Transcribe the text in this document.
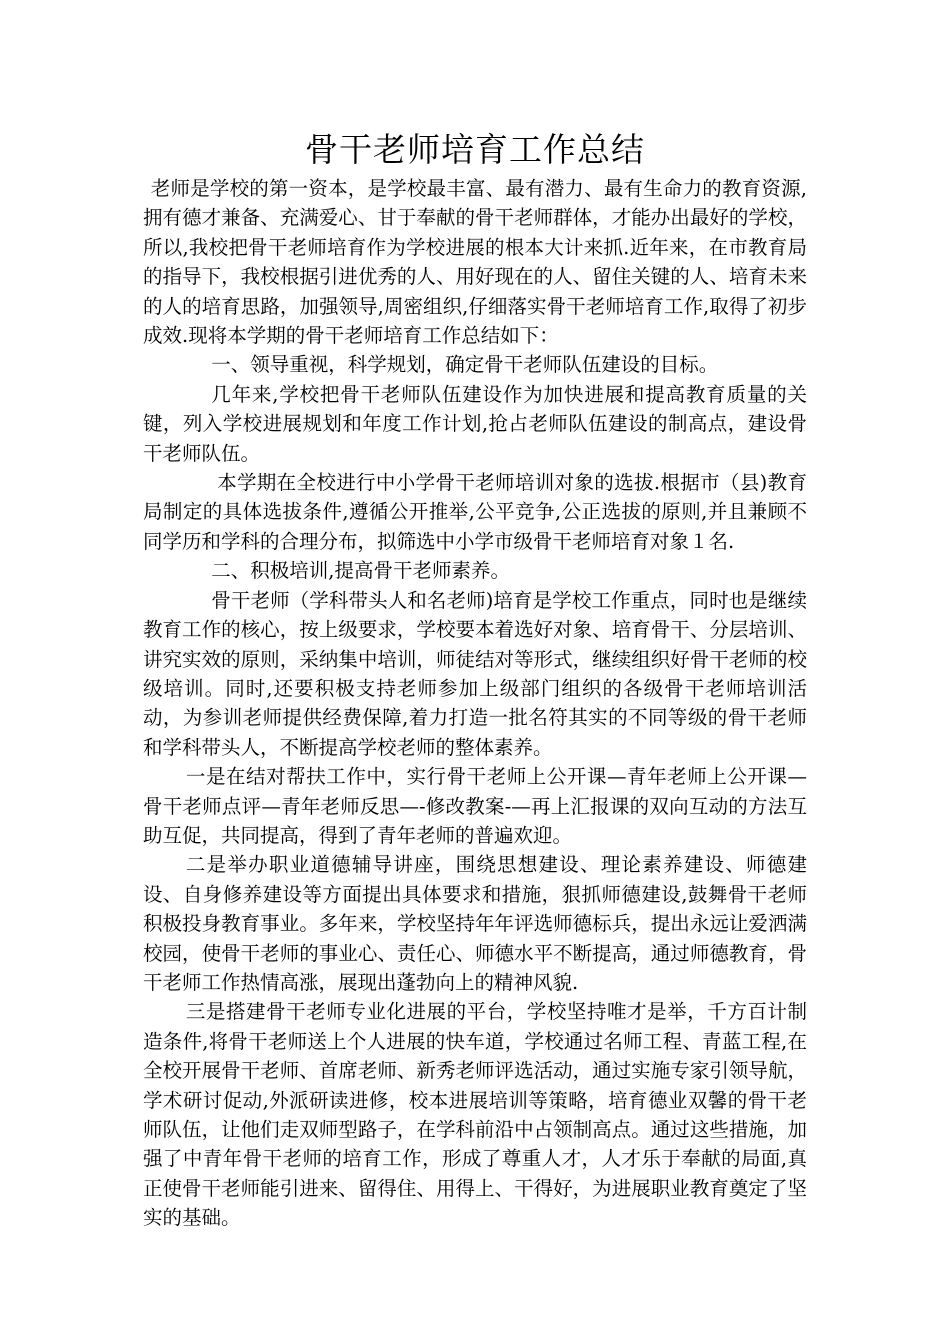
骨干老师培育工作总结

老师是学校的第一资本，是学校最丰富、最有潜力、最有生命力的教育资源,拥有德才兼备、充满爱心、甘于奉献的骨干老师群体，才能办出最好的学校，所以,我校把骨干老师培育作为学校进展的根本大计来抓.近年来，在市教育局的指导下，我校根据引进优秀的人、用好现在的人、留住关键的人、培育未来的人的培育思路，加强领导,周密组织,仔细落实骨干老师培育工作,取得了初步成效.现将本学期的骨干老师培育工作总结如下：

一、领导重视，科学规划，确定骨干老师队伍建设的目标。

几年来,学校把骨干老师队伍建设作为加快进展和提高教育质量的关键，列入学校进展规划和年度工作计划,抢占老师队伍建设的制高点，建设骨干老师队伍。

本学期在全校进行中小学骨干老师培训对象的选拔.根据市（县)教育局制定的具体选拔条件,遵循公开推举,公平竞争,公正选拔的原则,并且兼顾不同学历和学科的合理分布，拟筛选中小学市级骨干老师培育对象１名.

二、积极培训,提高骨干老师素养。

骨干老师（学科带头人和名老师)培育是学校工作重点，同时也是继续教育工作的核心，按上级要求，学校要本着选好对象、培育骨干、分层培训、讲究实效的原则，采纳集中培训，师徒结对等形式，继续组织好骨干老师的校级培训。同时,还要积极支持老师参加上级部门组织的各级骨干老师培训活动，为参训老师提供经费保障,着力打造一批名符其实的不同等级的骨干老师和学科带头人，不断提高学校老师的整体素养。

一是在结对帮扶工作中，实行骨干老师上公开课—青年老师上公开课—骨干老师点评—青年老师反思—-修改教案-—再上汇报课的双向互动的方法互助互促，共同提高，得到了青年老师的普遍欢迎。

二是举办职业道德辅导讲座，围绕思想建设、理论素养建设、师德建设、自身修养建设等方面提出具体要求和措施，狠抓师德建设,鼓舞骨干老师积极投身教育事业。多年来，学校坚持年年评选师德标兵，提出永远让爱洒满校园，使骨干老师的事业心、责任心、师德水平不断提高，通过师德教育，骨干老师工作热情高涨，展现出蓬勃向上的精神风貌.

三是搭建骨干老师专业化进展的平台，学校坚持唯才是举，千方百计制造条件,将骨干老师送上个人进展的快车道，学校通过名师工程、青蓝工程,在全校开展骨干老师、首席老师、新秀老师评选活动，通过实施专家引领导航，学术研讨促动,外派研读进修，校本进展培训等策略，培育德业双馨的骨干老师队伍，让他们走双师型路子，在学科前沿中占领制高点。通过这些措施，加强了中青年骨干老师的培育工作，形成了尊重人才，人才乐于奉献的局面,真正使骨干老师能引进来、留得住、用得上、干得好，为进展职业教育奠定了坚实的基础。
